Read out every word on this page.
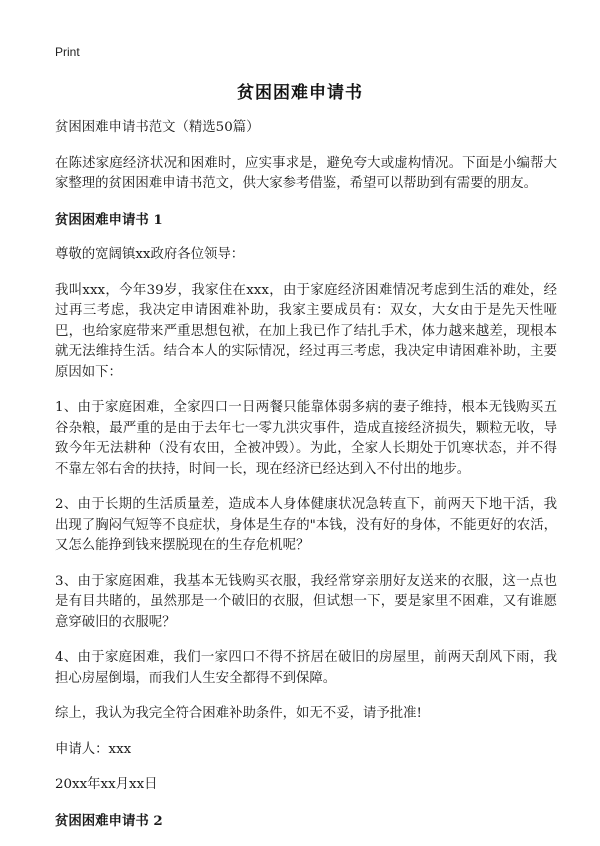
Print
贫困困难申请书

贫困困难申请书范文（精选50篇）

在陈述家庭经济状况和困难时，应实事求是，避免夸大或虚构情况。下面是小编帮大家整理的贫困困难申请书范文，供大家参考借鉴，希望可以帮助到有需要的朋友。

贫困困难申请书 1

尊敬的宽阔镇xx政府各位领导：

我叫xxx，今年39岁，我家住在xxx，由于家庭经济困难情况考虑到生活的难处，经过再三考虑，我决定申请困难补助，我家主要成员有：双女，大女由于是先天性哑巴，也给家庭带来严重思想包袱，在加上我已作了结扎手术，体力越来越差，现根本就无法维持生活。结合本人的实际情况，经过再三考虑，我决定申请困难补助，主要原因如下：

1、由于家庭困难，全家四口一日两餐只能靠体弱多病的妻子维持，根本无钱购买五谷杂粮，最严重的是由于去年七一零九洪灾事件，造成直接经济损失，颗粒无收，导致今年无法耕种（没有农田，全被冲毁）。为此，全家人长期处于饥寒状态，并不得不靠左邻右舍的扶持，时间一长，现在经济已经达到入不付出的地步。

2、由于长期的生活质量差，造成本人身体健康状况急转直下，前两天下地干活，我出现了胸闷气短等不良症状，身体是生存的"本钱，没有好的身体，不能更好的农活，又怎么能挣到钱来摆脱现在的生存危机呢？

3、由于家庭困难，我基本无钱购买衣服，我经常穿亲朋好友送来的衣服，这一点也是有目共睹的，虽然那是一个破旧的衣服，但试想一下，要是家里不困难，又有谁愿意穿破旧的衣服呢？

4、由于家庭困难，我们一家四口不得不挤居在破旧的房屋里，前两天刮风下雨，我担心房屋倒塌，而我们人生安全都得不到保障。

综上，我认为我完全符合困难补助条件，如无不妥，请予批准!

申请人：xxx

20xx年xx月xx日

贫困困难申请书 2
